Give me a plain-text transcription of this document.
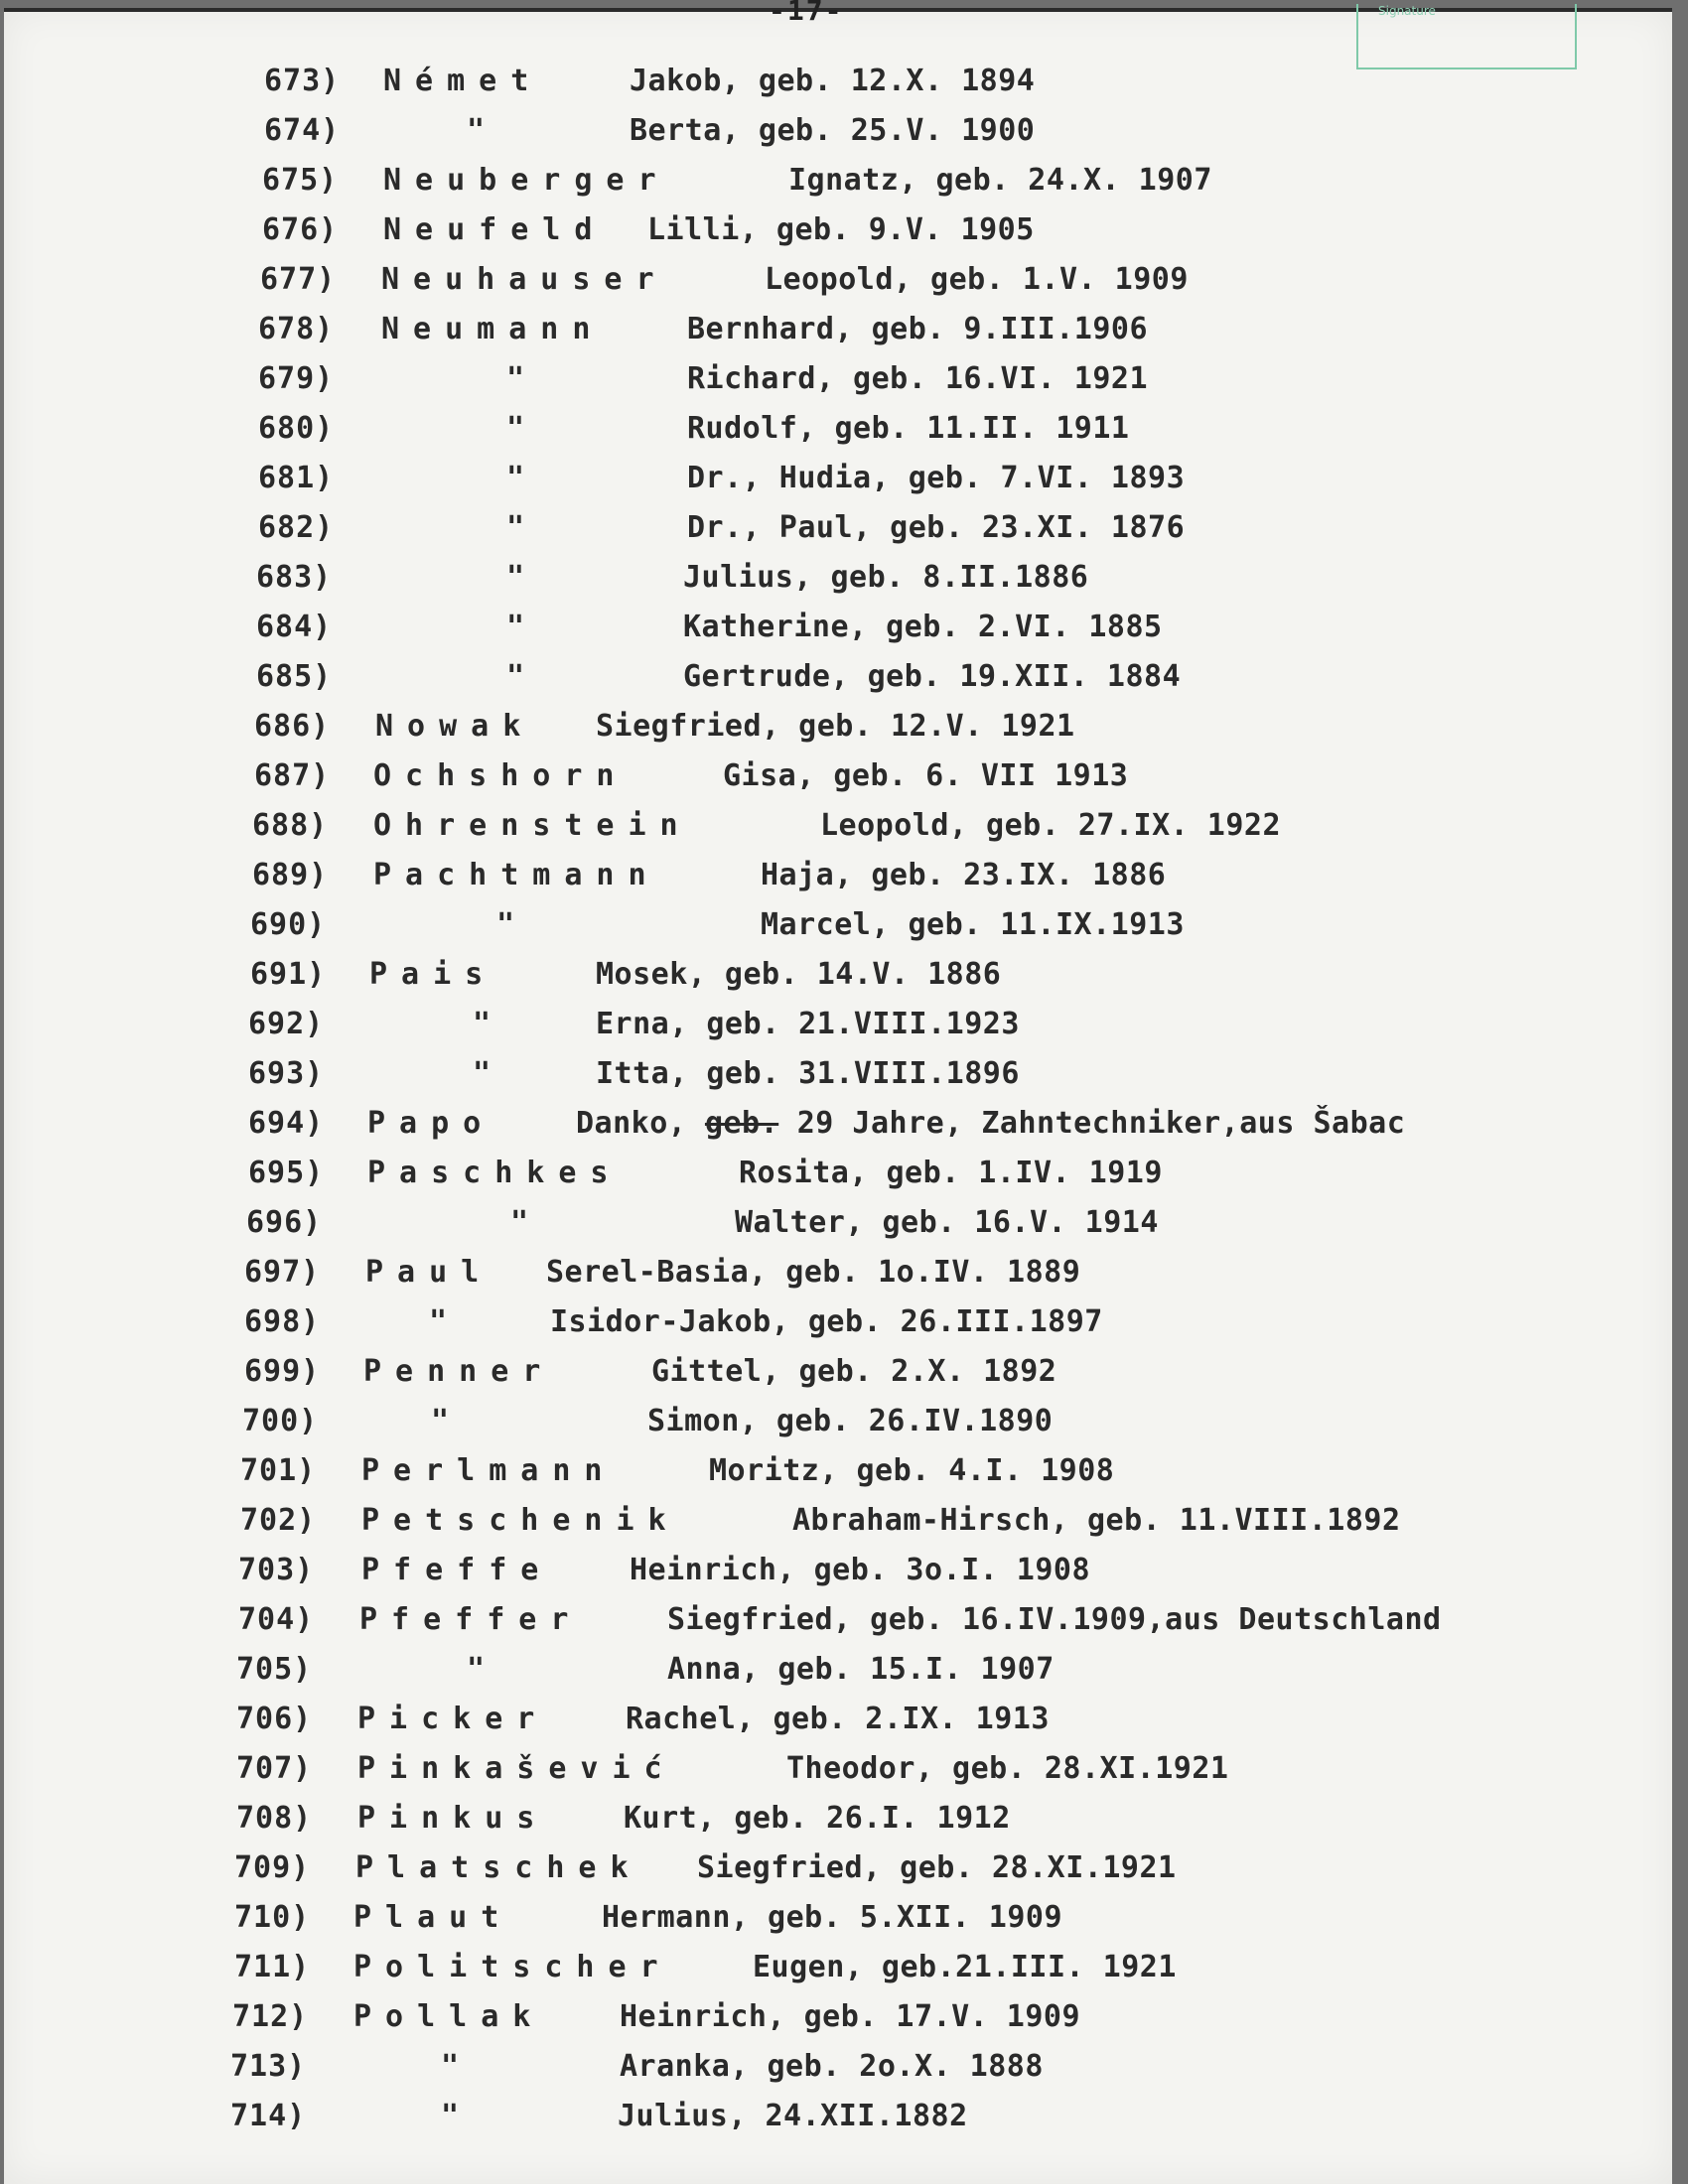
-17-	Signature
673) Német	Jakob, geb. 12.X. 1894
674)	"	Berta, geb. 25.V. 1900
675) Neuberger	Ignatz, geb. 24.X. 1907
676) Neufeld Lilli, geb. 9.V. 1905
677) Neuhauser	Leopold, geb. 1.V. 1909
678) Neumann	Bernhard, geb. 9.III.1906
679)	"	Richard, geb. 16.VI. 1921
680)	"	Rudolf, geb. 11.II. 1911
681)	"	Dr., Hudia, geb. 7.VI. 1893
682)	"	Dr., Paul, geb. 23.XI. 1876
683)	"	Julius, geb. 8.II.1886
684)	"	Katherine, geb. 2.VI. 1885
685)	"	Gertrude, geb. 19.XII. 1884
686) Nowak Siegfried, geb. 12.V. 1921
687) Ochshorn	Gisa, geb. 6. VII 1913
688) Ohrenstein	Leopold, geb. 27.IX. 1922
689) Pachtmann	Haja, geb. 23.IX. 1886
690)	"	Marcel, geb. 11.IX.1913
691) Pais	Mosek, geb. 14.V. 1886
692)	"	Erna, geb. 21.VIII.1923
693)	"	Itta, geb. 31.VIII.1896
694) Papo	Danko, geb. 29 Jahre, Zahntechniker,aus Šabac
695) Paschkes	Rosita, geb. 1.IV. 1919
696)	"	Walter, geb. 16.V. 1914
697) Paul Serel-Basia, geb. 1o.IV. 1889
698)	"	Isidor-Jakob, geb. 26.III.1897
699) Penner	Gittel, geb. 2.X. 1892
700)	"	Simon, geb. 26.IV.1890
701) Perlmann	Moritz, geb. 4.I. 1908
702) Petschenik	Abraham-Hirsch, geb. 11.VIII.1892
703) Pfeffe	Heinrich, geb. 3o.I. 1908
704) Pfeffer	Siegfried, geb. 16.IV.1909,aus Deutschland
705)	"	Anna, geb. 15.I. 1907
706) Picker	Rachel, geb. 2.IX. 1913
707) Pinkašević	Theodor, geb. 28.XI.1921
708) Pinkus	Kurt, geb. 26.I. 1912
709) Platschek Siegfried, geb. 28.XI.1921
710) Plaut	Hermann, geb. 5.XII. 1909
711) Politscher	Eugen, geb.21.III. 1921
712) Pollak	Heinrich, geb. 17.V. 1909
713)	"	Aranka, geb. 2o.X. 1888
714)	"	Julius, 24.XII.1882
